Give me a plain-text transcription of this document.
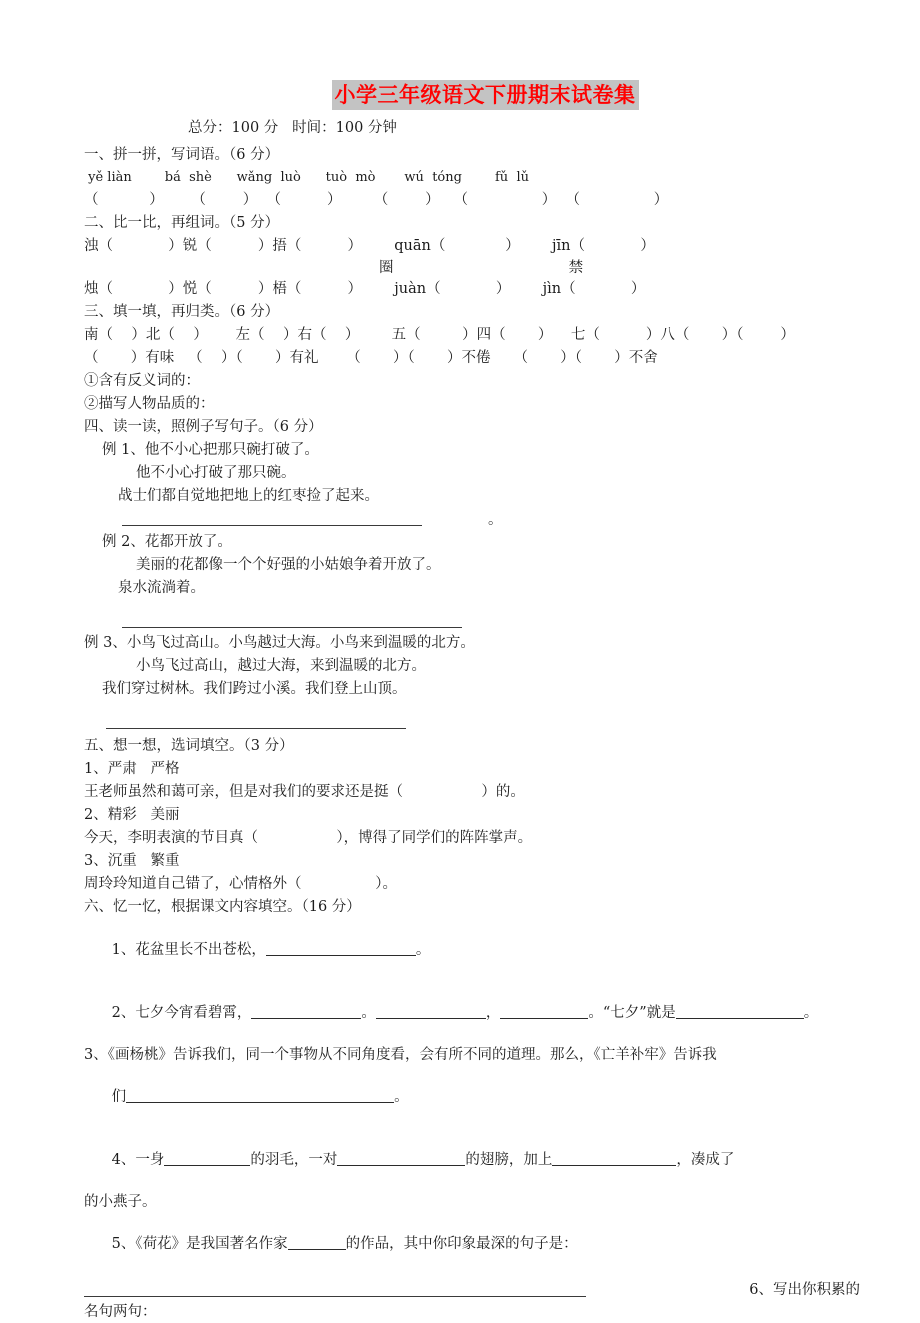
小学三年级语文下册期末试卷集
总分：100 分   时间：100 分钟
一、拼一拼，写词语。（6 分）
yě liàn        bá  shè      wǎng  luò      tuò  mò       wú  tóng        fǔ  lǔ
（           ）      （        ）  （          ）       （        ）   （                ）  （                ）
二、比一比，再组词。（5 分）
浊（            ）锐（          ）捂（          ）       quān（             ）       jīn（            ）
圈                                      禁
烛（            ）悦（          ）梧（          ）       juàn（            ）       jìn（            ）
三、填一填，再归类。（6 分）
南（    ）北（    ）      左（    ）右（    ）       五（         ）四（       ）    七（          ）八（       ）（        ）
（       ）有味   （    ）（       ）有礼      （       ）（       ）不倦     （       ）（       ）不舍
①含有反义词的：
②描写人物品质的：
四、读一读，照例子写句子。（6 分）
例 1、他不小心把那只碗打破了。
他不小心打破了那只碗。
战士们都自觉地把地上的红枣捡了起来。
。
例 2、花都开放了。
美丽的花都像一个个好强的小姑娘争着开放了。
泉水流淌着。
例 3、小鸟飞过高山。小鸟越过大海。小鸟来到温暖的北方。
小鸟飞过高山，越过大海，来到温暖的北方。
我们穿过树林。我们跨过小溪。我们登上山顶。
五、想一想，选词填空。（3 分）
1、严肃   严格
王老师虽然和蔼可亲，但是对我们的要求还是挺（                 ）的。
2、精彩   美丽
今天，李明表演的节目真（                 ），博得了同学们的阵阵掌声。
3、沉重   繁重
周玲玲知道自己错了，心情格外（                ）。
六、忆一忆，根据课文内容填空。（16 分）

1、花盆里长不出苍松，	。

2、七夕今宵看碧霄，	。	，	。“七夕”就是	。

3、《画杨桃》告诉我们，同一个事物从不同角度看，会有所不同的道理。那么，《亡羊补牢》告诉我

们	。

4、一身	的羽毛，一对	的翅膀，加上	，凑成了

的小燕子。

5、《荷花》是我国著名作家	的作品，其中你印象最深的句子是：

6、写出你积累的
名句两句：
